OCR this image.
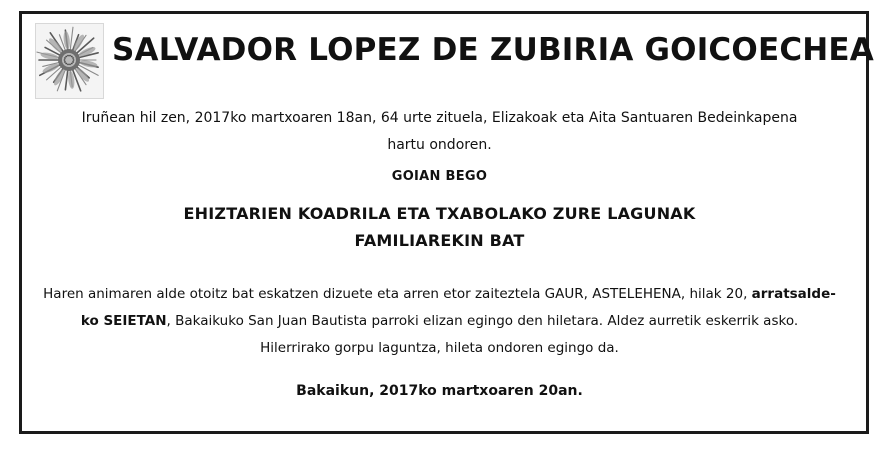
SALVADOR LOPEZ DE ZUBIRIA GOICOECHEA

Iruñean hil zen, 2017ko martxoaren 18an, 64 urte zituela, Elizakoak eta Aita Santuaren Bedeinkapena
hartu ondoren.

GOIAN BEGO

EHIZTARIEN KOADRILA ETA TXABOLAKO ZURE LAGUNAK
FAMILIAREKIN BAT

Haren animaren alde otoitz bat eskatzen dizuete eta arren etor zaiteztela GAUR, ASTELEHENA, hilak 20, arratsalde-
ko SEIETAN, Bakaikuko San Juan Bautista parroki elizan egingo den hiletara. Aldez aurretik eskerrik asko.
Hilerrirako gorpu laguntza, hileta ondoren egingo da.

Bakaikun, 2017ko martxoaren 20an.
